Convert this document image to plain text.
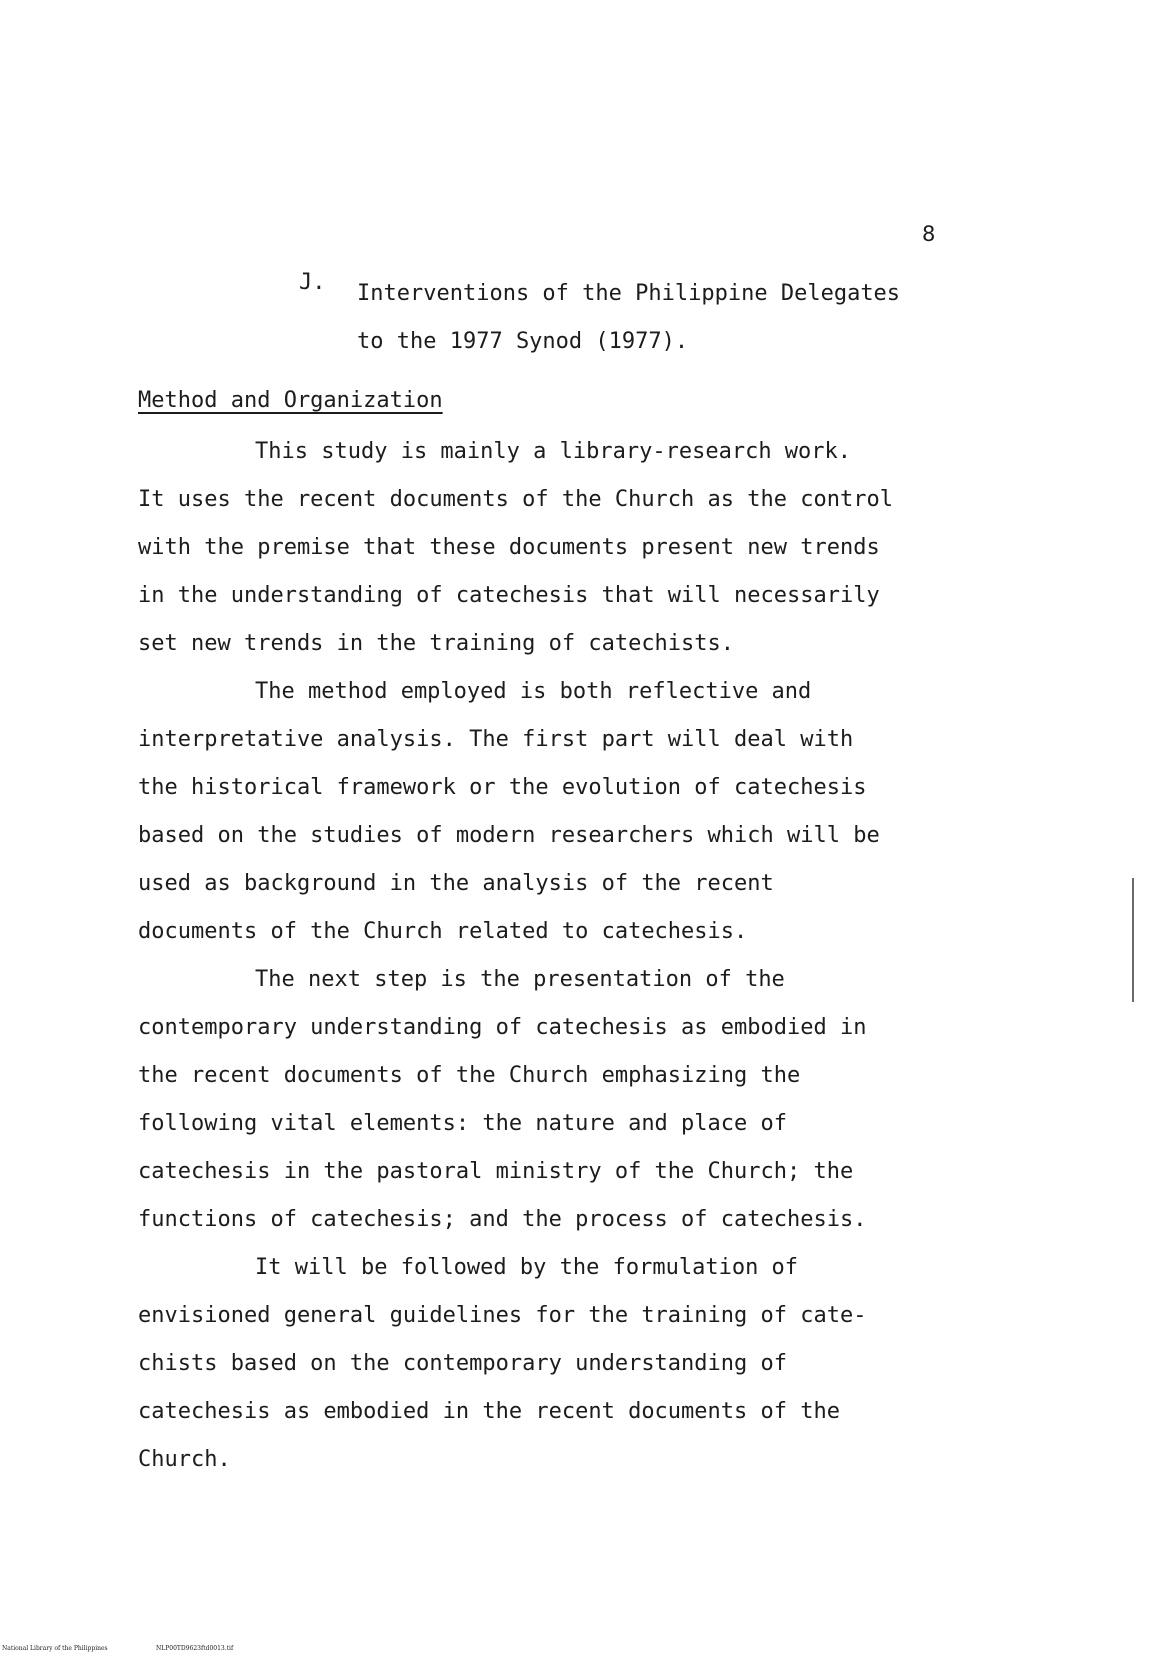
8
J. Interventions of the Philippine Delegates
to the 1977 Synod (1977).
Method and Organization

This study is mainly a library-research work.
It uses the recent documents of the Church as the control
with the premise that these documents present new trends
in the understanding of catechesis that will necessarily
set new trends in the training of catechists.

The method employed is both reflective and
interpretative analysis. The first part will deal with
the historical framework or the evolution of catechesis
based on the studies of modern researchers which will be
used as background in the analysis of the recent
documents of the Church related to catechesis.

The next step is the presentation of the
contemporary understanding of catechesis as embodied in
the recent documents of the Church emphasizing the
following vital elements: the nature and place of
catechesis in the pastoral ministry of the Church; the
functions of catechesis; and the process of catechesis.

It will be followed by the formulation of
envisioned general guidelines for the training of cate-
chists based on the contemporary understanding of
catechesis as embodied in the recent documents of the
Church.

National Library of the Philippines	NLP00TD9623ftd0013.tif
